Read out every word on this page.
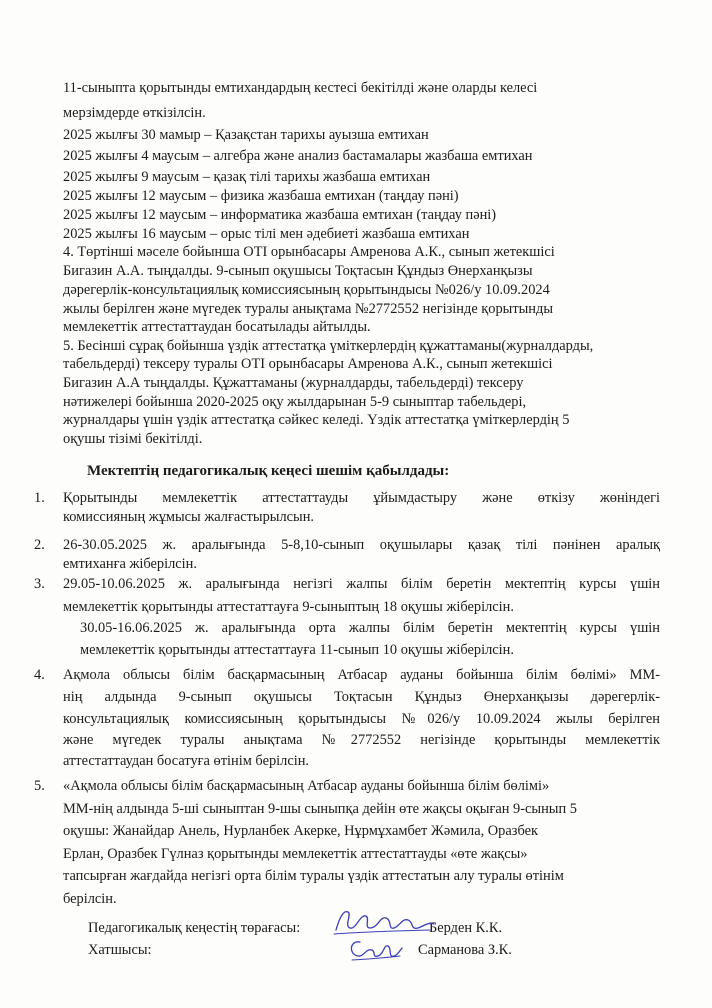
11-сыныпта қорытынды емтихандардың кестесі бекітілді және оларды келесі
мерзімдерде өткізілсін.
2025 жылғы 30 мамыр – Қазақстан тарихы ауызша емтихан
2025 жылғы 4 маусым – алгебра және анализ бастамалары жазбаша емтихан
2025 жылғы 9 маусым – қазақ тілі тарихы жазбаша емтихан
2025 жылғы 12 маусым – физика жазбаша емтихан (таңдау пәні)
2025 жылғы 12 маусым – информатика жазбаша емтихан (таңдау пәні)
2025 жылғы 16 маусым – орыс тілі мен әдебиеті жазбаша емтихан
4. Төртінші мәселе бойынша ОТІ орынбасары Амренова А.К., сынып жетекшісі
Бигазин А.А. тыңдалды. 9-сынып оқушысы Тоқтасын Құндыз Өнерханқызы
дәрегерлік-консультациялық комиссиясының қорытындысы №026/у 10.09.2024
жылы берілген және мүгедек туралы анықтама №2772552 негізінде қорытынды
мемлекеттік аттестаттаудан босатылады айтылды.
5. Бесінші сұрақ бойынша үздік аттестатқа үміткерлердің құжаттаманы(журналдарды,
табельдерді) тексеру туралы ОТІ орынбасары Амренова А.К., сынып жетекшісі
Бигазин А.А тыңдалды. Құжаттаманы (журналдарды, табельдерді) тексеру
нәтижелері бойынша 2020-2025 оқу жылдарынан 5-9 сыныптар табельдері,
журналдары үшін үздік аттестатқа сәйкес келеді. Үздік аттестатқа үміткерлердің 5
оқушы тізімі бекітілді.
Мектептің педагогикалық кеңесі шешім қабылдады:
1. Қорытынды мемлекеттік аттестаттауды ұйымдастыру және өткізу жөніндегі
комиссияның жұмысы жалғастырылсын.
2. 26-30.05.2025 ж. аралығында 5-8,10-сынып оқушылары қазақ тілі пәнінен аралық
емтиханға жіберілсін.
3. 29.05-10.06.2025 ж. аралығында негізгі жалпы білім беретін мектептің курсы үшін
мемлекеттік қорытынды аттестаттауға 9-сыныптың 18 оқушы жіберілсін.
30.05-16.06.2025 ж. аралығында орта жалпы білім беретін мектептің курсы үшін
мемлекеттік қорытынды аттестаттауға 11-сынып 10 оқушы жіберілсін.
4. Ақмола облысы білім басқармасының Атбасар ауданы бойынша білім бөлімі» ММ-
нің алдында 9-сынып оқушысы Тоқтасын Құндыз Өнерханқызы дәрегерлік-
консультациялық комиссиясының қорытындысы №026/у 10.09.2024 жылы берілген
және мүгедек туралы анықтама №2772552 негізінде қорытынды мемлекеттік
аттестаттаудан босатуға өтінім берілсін.
5. «Ақмола облысы білім басқармасының Атбасар ауданы бойынша білім бөлімі»
ММ-нің алдында 5-ші сыныптан 9-шы сыныпқа дейін өте жақсы оқыған 9-сынып 5
оқушы: Жанайдар Анель, Нурланбек Акерке, Нұрмұхамбет Жәмила, Оразбек
Ерлан, Оразбек Гүлназ қорытынды мемлекеттік аттестаттауды «өте жақсы»
тапсырған жағдайда негізгі орта білім туралы үздік аттестатын алу туралы өтінім
берілсін.
Педагогикалық кеңестің төрағасы:	Берден К.К.
Хатшысы:	Сарманова З.К.
